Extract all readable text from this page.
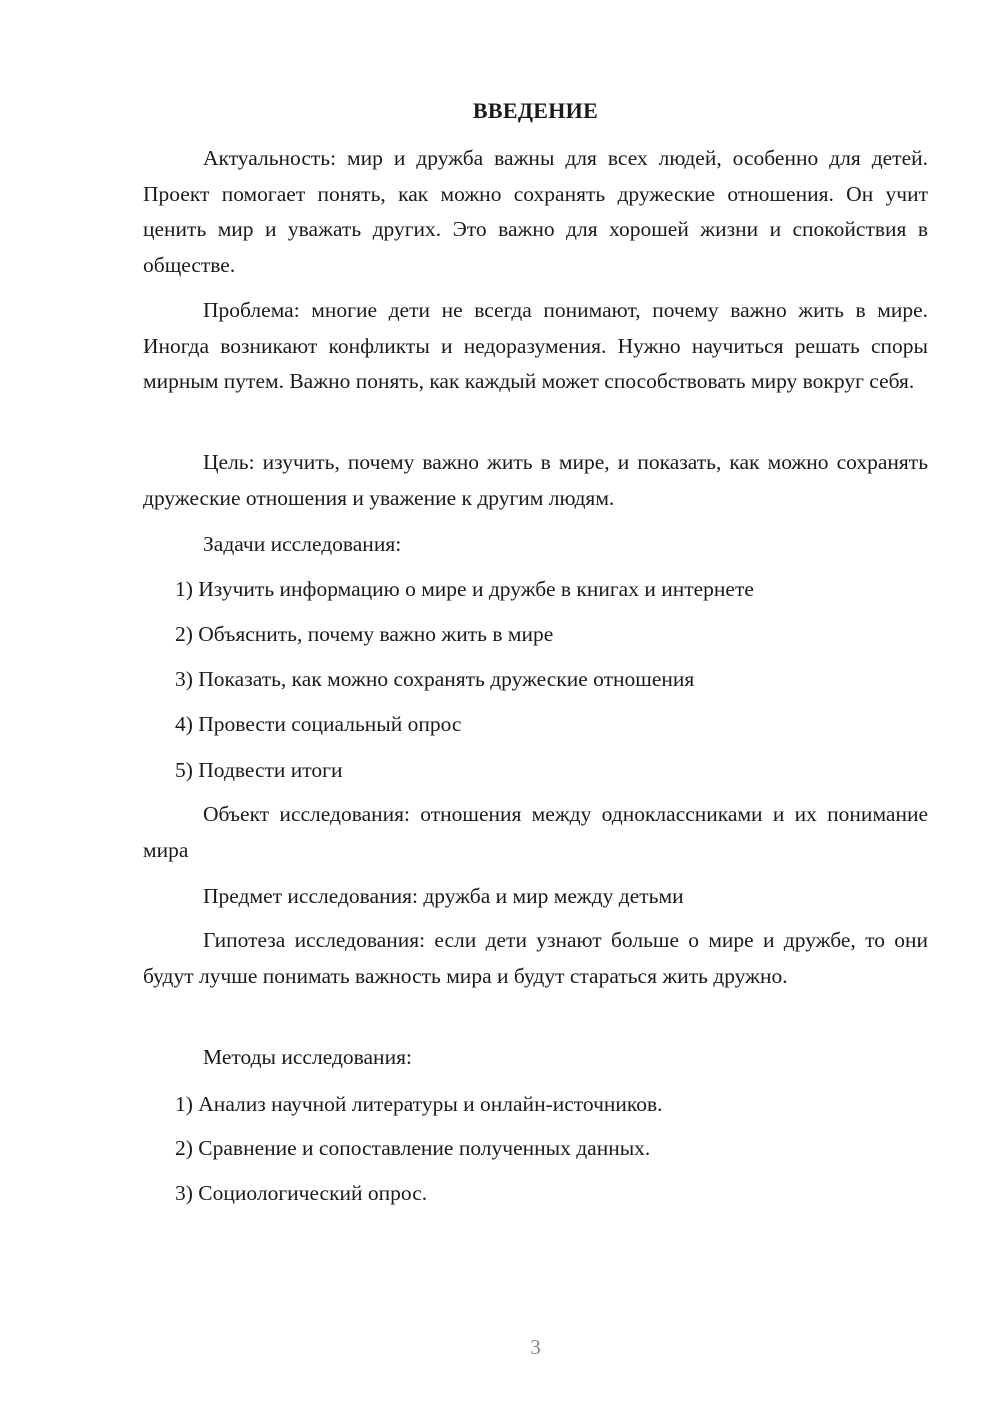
ВВЕДЕНИЕ

Актуальность: мир и дружба важны для всех людей, особенно для детей. Проект помогает понять, как можно сохранять дружеские отношения. Он учит ценить мир и уважать других. Это важно для хорошей жизни и спокойствия в обществе.

Проблема: многие дети не всегда понимают, почему важно жить в мире. Иногда возникают конфликты и недоразумения. Нужно научиться решать споры мирным путем. Важно понять, как каждый может способствовать миру вокруг себя.

Цель: изучить, почему важно жить в мире, и показать, как можно сохранять дружеские отношения и уважение к другим людям.

Задачи исследования:

1) Изучить информацию о мире и дружбе в книгах и интернете

2) Объяснить, почему важно жить в мире

3) Показать, как можно сохранять дружеские отношения

4) Провести социальный опрос

5) Подвести итоги

Объект исследования: отношения между одноклассниками и их понимание мира

Предмет исследования: дружба и мир между детьми

Гипотеза исследования: если дети узнают больше о мире и дружбе, то они будут лучше понимать важность мира и будут стараться жить дружно.

Методы исследования:

1) Анализ научной литературы и онлайн-источников.

2) Сравнение и сопоставление полученных данных.

3) Социологический опрос.

3
